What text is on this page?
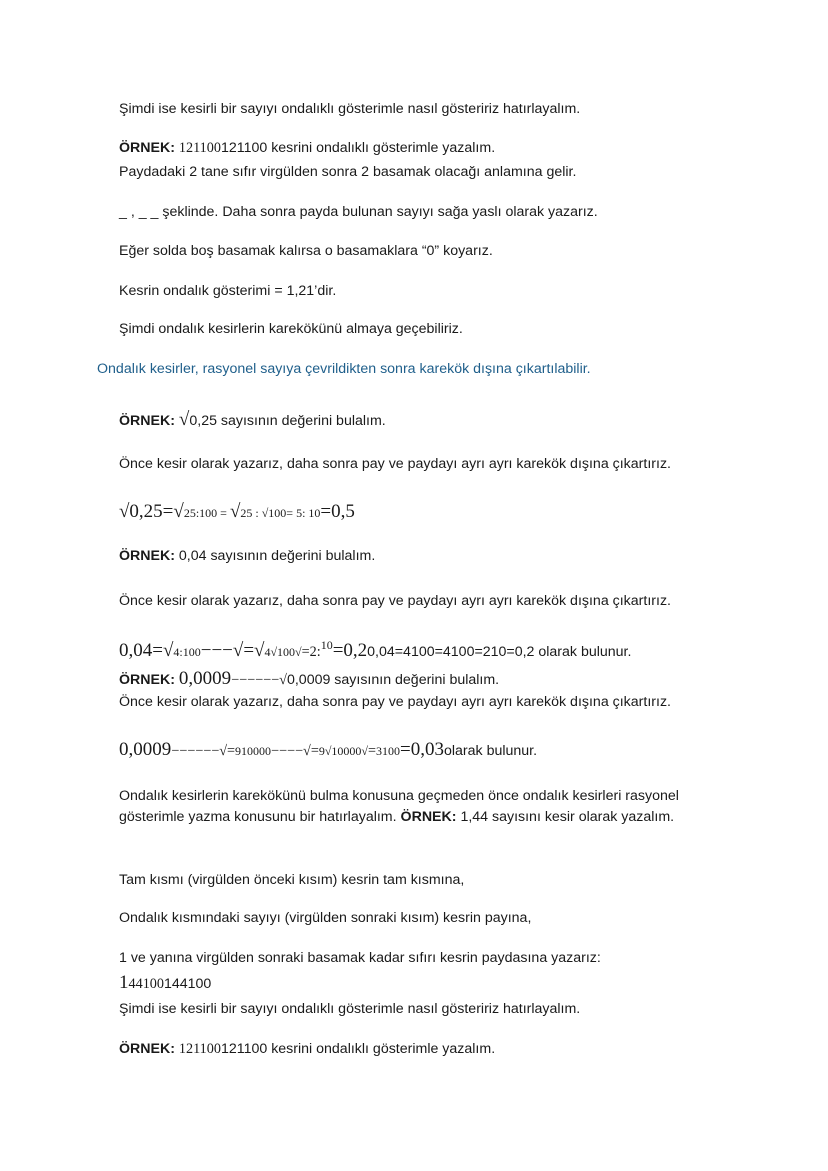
Şimdi ise kesirli bir sayıyı ondalıklı gösterimle nasıl gösteririz hatırlayalım.
ÖRNEK: 121100121100 kesrini ondalıklı gösterimle yazalım.
Paydadaki 2 tane sıfır virgülden sonra 2 basamak olacağı anlamına gelir.
_ , _ _ şeklinde. Daha sonra payda bulunan sayıyı sağa yaslı olarak yazarız.
Eğer solda boş basamak kalırsa o basamaklara “0” koyarız.
Kesrin ondalık gösterimi = 1,21’dir.
Şimdi ondalık kesirlerin karekökünü almaya geçebiliriz.
Ondalık kesirler, rasyonel sayıya çevrildikten sonra karekök dışına çıkartılabilir.
ÖRNEK: √0,25 sayısının değerini bulalım.
Önce kesir olarak yazarız, daha sonra pay ve paydayı ayrı ayrı karekök dışına çıkartırız.
√0,25=√25:100 = √25 : √100= 5: 10=0,5
ÖRNEK: 0,04 sayısının değerini bulalım.
Önce kesir olarak yazarız, daha sonra pay ve paydayı ayrı ayrı karekök dışına çıkartırız.
0,04=√4:100−−−√=√4√100√=2:$^{10}$=0,20,04=4100=4100=210=0,2 olarak bulunur.
ÖRNEK: 0,0009−−−−−−√0,0009 sayısının değerini bulalım.
Önce kesir olarak yazarız, daha sonra pay ve paydayı ayrı ayrı karekök dışına çıkartırız.
0,0009−−−−−−√=910000−−−−√=9√10000√=3100=0,03olarak bulunur.
Ondalık kesirlerin karekökünü bulma konusuna geçmeden önce ondalık kesirleri rasyonel gösterimle yazma konusunu bir hatırlayalım. ÖRNEK: 1,44 sayısını kesir olarak yazalım.
Tam kısmı (virgülden önceki kısım) kesrin tam kısmına,
Ondalık kısmındaki sayıyı (virgülden sonraki kısım) kesrin payına,
1 ve yanına virgülden sonraki basamak kadar sıfırı kesrin paydasına yazarız:
144100144100
Şimdi ise kesirli bir sayıyı ondalıklı gösterimle nasıl gösteririz hatırlayalım.
ÖRNEK: 121100121100 kesrini ondalıklı gösterimle yazalım.
